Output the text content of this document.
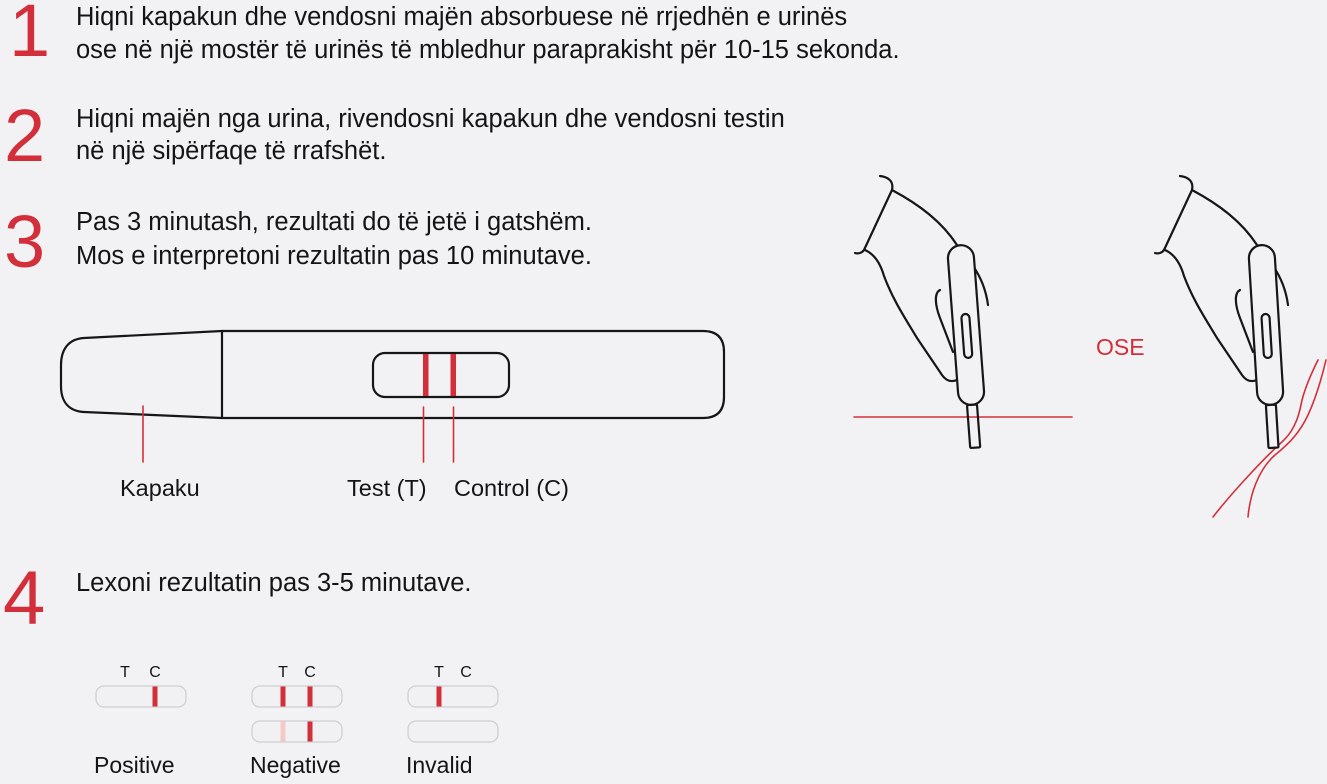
T C	T C	T C
1
2
3
4
Hiqni kapakun dhe vendosni majën absorbuese në rrjedhën e urinës
ose në një mostër të urinës të mbledhur paraprakisht për 10-15 sekonda.
Hiqni majën nga urina, rivendosni kapakun dhe vendosni testin
në një sipërfaqe të rrafshët.
Pas 3 minutash, rezultati do të jetë i gatshëm.
Mos e interpretoni rezultatin pas 10 minutave.
Lexoni rezultatin pas 3-5 minutave.
Kapaku	Test (T) Control (C)
OSE
Positive	Negative	Invalid
